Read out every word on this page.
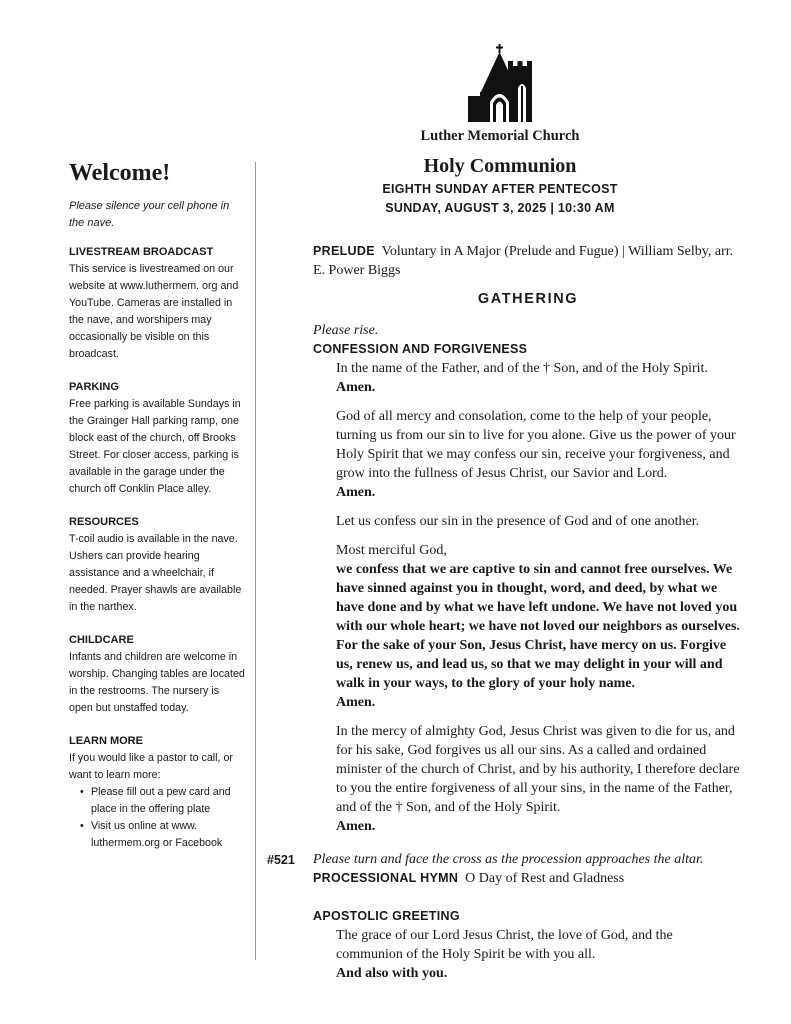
Luther Memorial Church
Holy Communion
EIGHTH SUNDAY AFTER PENTECOST
SUNDAY, AUGUST 3, 2025 | 10:30 AM
Welcome!

Please silence your cell phone in the nave.

LIVESTREAM BROADCAST

This service is livestreamed on our website at www.luthermem. org and YouTube. Cameras are installed in the nave, and worshipers may occasionally be visible on this broadcast.

PARKING

Free parking is available Sundays in the Grainger Hall parking ramp, one block east of the church, off Brooks Street. For closer access, parking is available in the garage under the church off Conklin Place alley.

RESOURCES

T-coil audio is available in the nave. Ushers can provide hearing assistance and a wheelchair, if needed. Prayer shawls are available in the narthex.

CHILDCARE

Infants and children are welcome in worship. Changing tables are located in the restrooms. The nursery is open but unstaffed today.

LEARN MORE

If you would like a pastor to call, or want to learn more:

• Please fill out a pew card and place in the offering plate
• Visit us online at www. luthermem.org or Facebook

PRELUDE Voluntary in A Major (Prelude and Fugue) | William Selby, arr. E. Power Biggs

GATHERING

Please rise.

CONFESSION AND FORGIVENESS

In the name of the Father, and of the † Son, and of the Holy Spirit.

Amen.

God of all mercy and consolation, come to the help of your people, turning us from our sin to live for you alone. Give us the power of your Holy Spirit that we may confess our sin, receive your forgiveness, and grow into the fullness of Jesus Christ, our Savior and Lord.

Amen.

Let us confess our sin in the presence of God and of one another.

Most merciful God,

we confess that we are captive to sin and cannot free ourselves. We have sinned against you in thought, word, and deed, by what we have done and by what we have left undone. We have not loved you with our whole heart; we have not loved our neighbors as ourselves. For the sake of your Son, Jesus Christ, have mercy on us. Forgive us, renew us, and lead us, so that we may delight in your will and walk in your ways, to the glory of your holy name.

Amen.

In the mercy of almighty God, Jesus Christ was given to die for us, and for his sake, God forgives us all our sins. As a called and ordained minister of the church of Christ, and by his authority, I therefore declare to you the entire forgiveness of all your sins, in the name of the Father, and of the † Son, and of the Holy Spirit.

Amen.

Please turn and face the cross as the procession approaches the altar.

PROCESSIONAL HYMN O Day of Rest and Gladness

APOSTOLIC GREETING

The grace of our Lord Jesus Christ, the love of God, and the communion of the Holy Spirit be with you all.

And also with you.

#521
